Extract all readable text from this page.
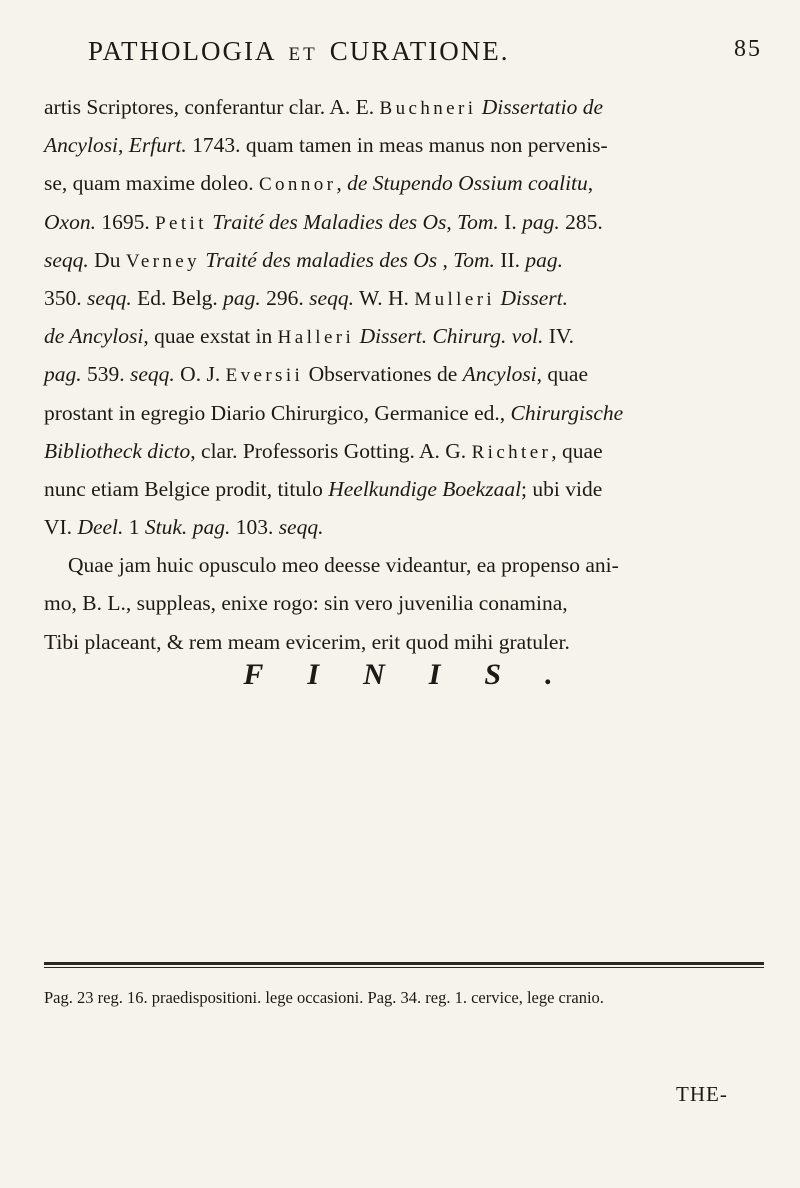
PATHOLOGIA ET CURATIONE.	85
artis Scriptores, conferantur clar. A. E. Buchneri Dissertatio de
Ancylosi, Erfurt. 1743. quam tamen in meas manus non pervenis-
se, quam maxime doleo. Connor, de Stupendo Ossium coalitu,
Oxon. 1695. Petit Traité des Maladies des Os, Tom. I. pag. 285.
seqq. Du Verney Traité des maladies des Os , Tom. II. pag.
350. seqq. Ed. Belg. pag. 296. seqq. W. H. Mulleri Dissert.
de Ancylosi, quae exstat in Halleri Dissert. Chirurg. vol. IV.
pag. 539. seqq. O. J. Eversii Observationes de Ancylosi, quae
prostant in egregio Diario Chirurgico, Germanice ed., Chirurgische
Bibliotheck dicto, clar. Professoris Gotting. A. G. Richter, quae
nunc etiam Belgice prodit, titulo Heelkundige Boekzaal; ubi vide
VI. Deel. 1 Stuk. pag. 103. seqq.
Quae jam huic opusculo meo deesse videantur, ea propenso ani-
mo, B. L., suppleas, enixe rogo: sin vero juvenilia conamina,
Tibi placeant, & rem meam evicerim, erit quod mihi gratuler.
FINIS.
Pag. 23 reg. 16. praedispositioni. lege occasioni. Pag. 34. reg. 1. cervice, lege cranio.
THE-
